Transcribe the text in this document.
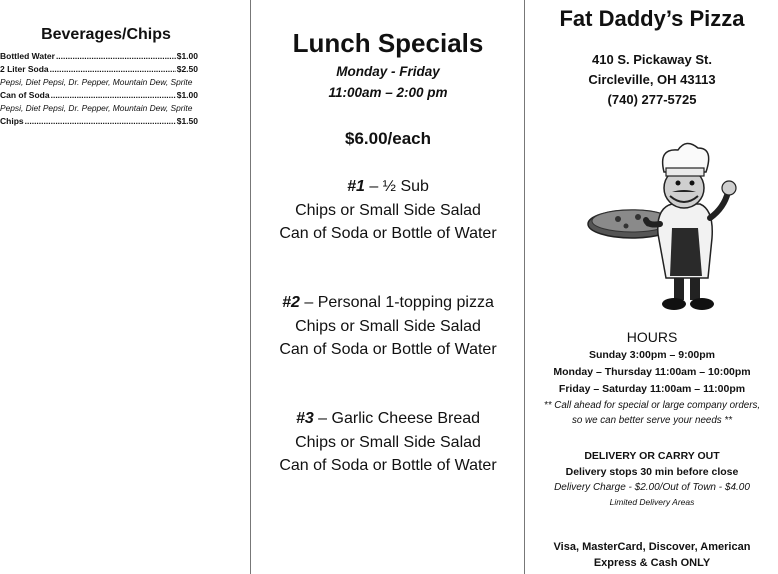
Beverages/Chips
Bottled Water .....	$1.00
2 Liter Soda .....	$2.50
Pepsi, Diet Pepsi, Dr. Pepper, Mountain Dew, Sprite
Can of Soda .....	$1.00
Pepsi, Diet Pepsi, Dr. Pepper, Mountain Dew, Sprite
Chips .....	$1.50
Lunch Specials
Monday - Friday
11:00am – 2:00 pm
$6.00/each
#1 – ½ Sub
Chips or Small Side Salad
Can of Soda or Bottle of Water
#2 – Personal 1-topping pizza
Chips or Small Side Salad
Can of Soda or Bottle of Water
#3 – Garlic Cheese Bread
Chips or Small Side Salad
Can of Soda or Bottle of Water
Fat Daddy’s Pizza
410 S. Pickaway St.
Circleville, OH 43113
(740) 277-5725
HOURS
Sunday 3:00pm – 9:00pm
Monday – Thursday 11:00am – 10:00pm
Friday – Saturday 11:00am – 11:00pm
** Call ahead for special or large company orders,
so we can better serve your needs **
DELIVERY OR CARRY OUT
Delivery stops 30 min before close
Delivery Charge - $2.00/Out of Town - $4.00
Limited Delivery Areas
Visa, MasterCard, Discover, American
Express & Cash ONLY
